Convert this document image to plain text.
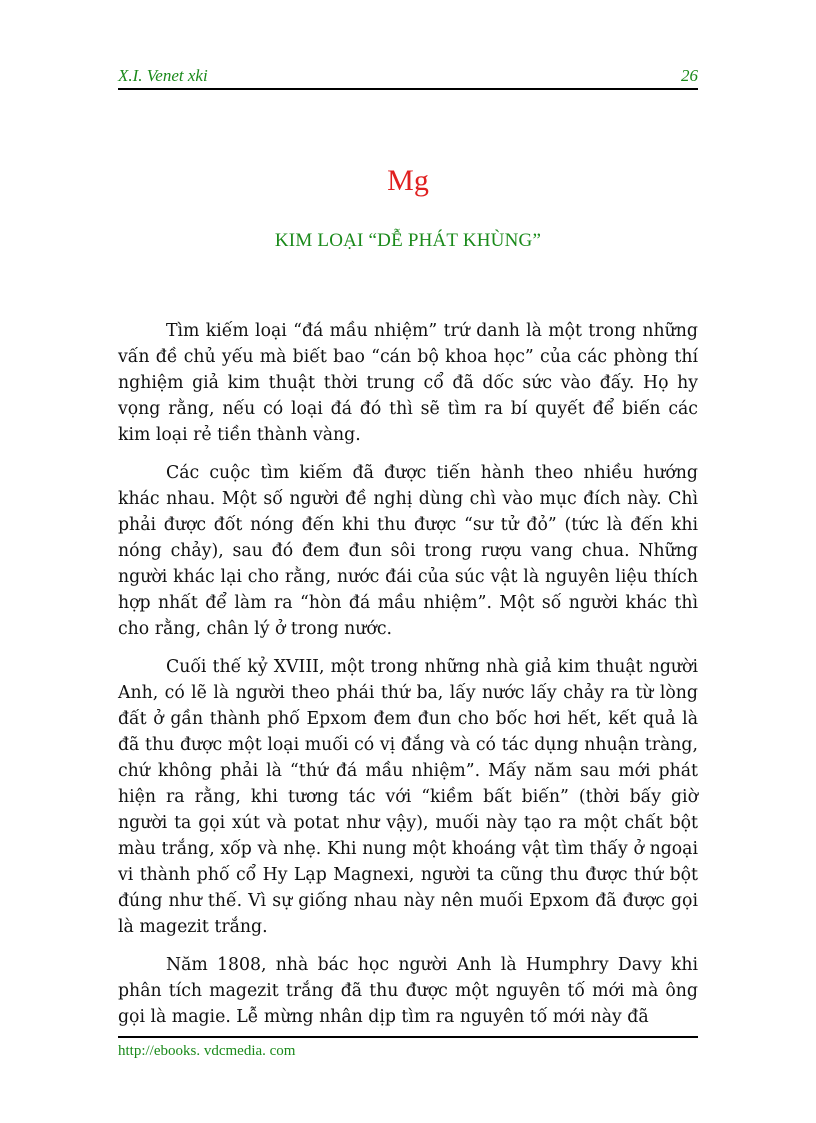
X.I. Venet xki	26
Mg
KIM LOẠI “DỄ PHÁT KHÙNG”

Tìm kiếm loại “đá mầu nhiệm” trứ danh là một trong những vấn đề chủ yếu mà biết bao “cán bộ khoa học” của các phòng thí nghiệm giả kim thuật thời trung cổ đã dốc sức vào đấy. Họ hy vọng rằng, nếu có loại đá đó thì sẽ tìm ra bí quyết để biến các kim loại rẻ tiền thành vàng.

Các cuộc tìm kiếm đã được tiến hành theo nhiều hướng khác nhau. Một số người đề nghị dùng chì vào mục đích này. Chì phải được đốt nóng đến khi thu được “sư tử đỏ” (tức là đến khi nóng chảy), sau đó đem đun sôi trong rượu vang chua. Những người khác lại cho rằng, nước đái của súc vật là nguyên liệu thích hợp nhất để làm ra “hòn đá mầu nhiệm”. Một số người khác thì cho rằng, chân lý ở trong nước.

Cuối thế kỷ XVIII, một trong những nhà giả kim thuật người Anh, có lẽ là người theo phái thứ ba, lấy nước lấy chảy ra từ lòng đất ở gần thành phố Epxom đem đun cho bốc hơi hết, kết quả là đã thu được một loại muối có vị đắng và có tác dụng nhuận tràng, chứ không phải là “thứ đá mầu nhiệm”. Mấy năm sau mới phát hiện ra rằng, khi tương tác với “kiềm bất biến” (thời bấy giờ người ta gọi xút và potat như vậy), muối này tạo ra một chất bột màu trắng, xốp và nhẹ. Khi nung một khoáng vật tìm thấy ở ngoại vi thành phố cổ Hy Lạp Magnexi, người ta cũng thu được thứ bột đúng như thế. Vì sự giống nhau này nên muối Epxom đã được gọi là magezit trắng.

Năm 1808, nhà bác học người Anh là Humphry Davy khi phân tích magezit trắng đã thu được một nguyên tố mới mà ông gọi là magie. Lễ mừng nhân dịp tìm ra nguyên tố mới này đã

http://ebooks. vdcmedia. com
